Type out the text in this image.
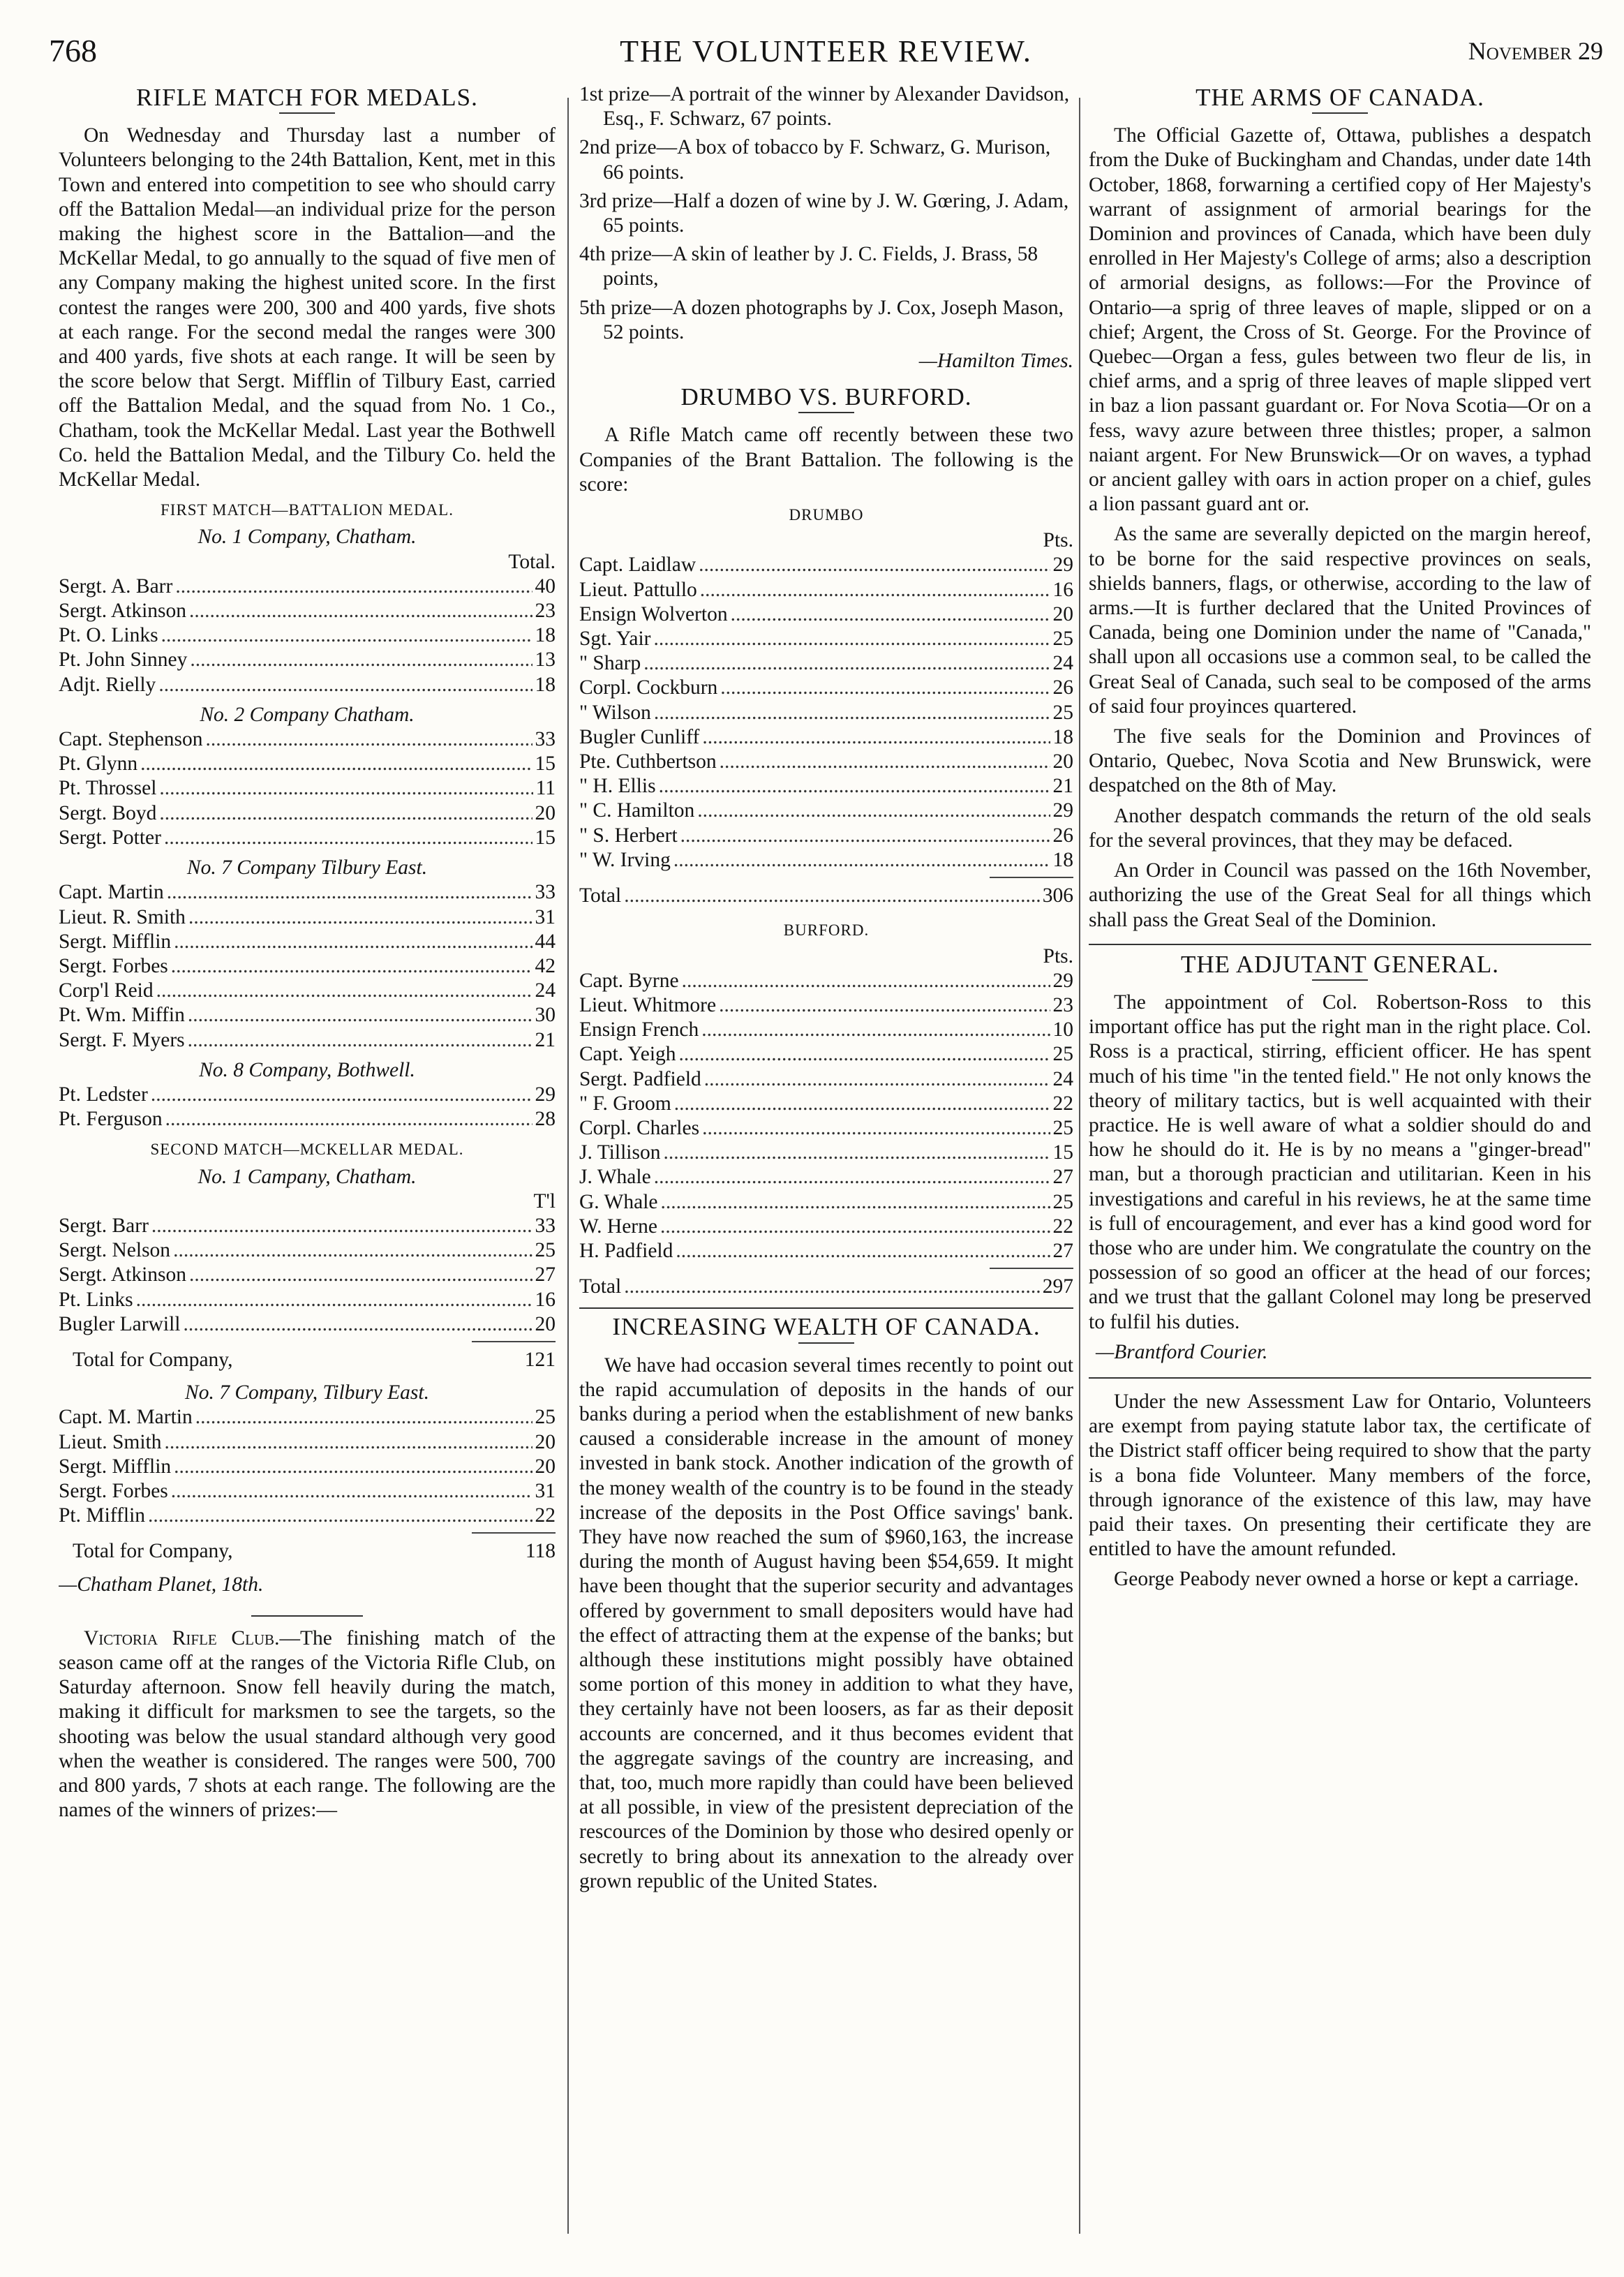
768	THE VOLUNTEER REVIEW.	November 29
RIFLE MATCH FOR MEDALS.

On Wednesday and Thursday last a number of Volunteers belonging to the 24th Battalion, Kent, met in this Town and entered into competition to see who should carry off the Battalion Medal—an individual prize for the person making the highest score in the Battalion—and the McKellar Medal, to go annually to the squad of five men of any Company making the highest united score. In the first contest the ranges were 200, 300 and 400 yards, five shots at each range. For the second medal the ranges were 300 and 400 yards, five shots at each range. It will be seen by the score below that Sergt. Mifflin of Tilbury East, carried off the Battalion Medal, and the squad from No. 1 Co., Chatham, took the McKellar Medal. Last year the Bothwell Co. held the Battalion Medal, and the Tilbury Co. held the McKellar Medal.

FIRST MATCH—BATTALION MEDAL.
No. 1 Company, Chatham.
Total.
Sergt. A. Barr .....	40
Sergt. Atkinson .....	23
Pt. O. Links .....	18
Pt. John Sinney .....	13
Adjt. Rielly .....	18
No. 2 Company Chatham.
Capt. Stephenson .....	33
Pt. Glynn .....	15
Pt. Throssel .....	11
Sergt. Boyd .....	20
Sergt. Potter .....	15
No. 7 Company Tilbury East.
Capt. Martin .....	33
Lieut. R. Smith .....	31
Sergt. Mifflin .....	44
Sergt. Forbes .....	42
Corp'l Reid .....	24
Pt. Wm. Miffin .....	30
Sergt. F. Myers .....	21
No. 8 Company, Bothwell.
Pt. Ledster .....	29
Pt. Ferguson .....	28
SECOND MATCH—MCKELLAR MEDAL.
No. 1 Campany, Chatham.
T'l
Sergt. Barr .....	33
Sergt. Nelson .....	25
Sergt. Atkinson .....	27
Pt. Links .....	16
Bugler Larwill .....	20
Total for Company,	121
No. 7 Company, Tilbury East.
Capt. M. Martin .....	25
Lieut. Smith .....	20
Sergt. Mifflin .....	20
Sergt. Forbes .....	31
Pt. Mifflin .....	22
Total for Company,	118
—Chatham Planet, 18th.

Victoria Rifle Club.—The finishing match of the season came off at the ranges of the Victoria Rifle Club, on Saturday afternoon. Snow fell heavily during the match, making it difficult for marksmen to see the targets, so the shooting was below the usual standard although very good when the weather is considered. The ranges were 500, 700 and 800 yards, 7 shots at each range. The following are the names of the winners of prizes:—

1st prize—A portrait of the winner by Alexander Davidson, Esq., F. Schwarz, 67 points.
2nd prize—A box of tobacco by F. Schwarz, G. Murison, 66 points.
3rd prize—Half a dozen of wine by J. W. Gœring, J. Adam, 65 points.
4th prize—A skin of leather by J. C. Fields, J. Brass, 58 points,
5th prize—A dozen photographs by J. Cox, Joseph Mason, 52 points.
—Hamilton Times.
DRUMBO VS. BURFORD.

A Rifle Match came off recently between these two Companies of the Brant Battalion. The following is the score:

DRUMBO
Pts.
Capt. Laidlaw .....	29
Lieut. Pattullo .....	16
Ensign Wolverton .....	20
Sgt. Yair .....	25
" Sharp .....	24
Corpl. Cockburn .....	26
" Wilson .....	25
Bugler Cunliff .....	18
Pte. Cuthbertson .....	20
" H. Ellis .....	21
" C. Hamilton .....	29
" S. Herbert .....	26
" W. Irving .....	18
Total .....	306
BURFORD.
Pts.
Capt. Byrne .....	29
Lieut. Whitmore .....	23
Ensign French .....	10
Capt. Yeigh .....	25
Sergt. Padfield .....	24
" F. Groom .....	22
Corpl. Charles .....	25
J. Tillison .....	15
J. Whale .....	27
G. Whale .....	25
W. Herne .....	22
H. Padfield .....	27
Total .....	297
INCREASING WEALTH OF CANADA.

We have had occasion several times recently to point out the rapid accumulation of deposits in the hands of our banks during a period when the establishment of new banks caused a considerable increase in the amount of money invested in bank stock. Another indication of the growth of the money wealth of the country is to be found in the steady increase of the deposits in the Post Office savings' bank. They have now reached the sum of $960,163, the increase during the month of August having been $54,659. It might have been thought that the superior security and advantages offered by government to small depositers would have had the effect of attracting them at the expense of the banks; but although these institutions might possibly have obtained some portion of this money in addition to what they have, they certainly have not been loosers, as far as their deposit accounts are concerned, and it thus becomes evident that the aggregate savings of the country are increasing, and that, too, much more rapidly than could have been believed at all possible, in view of the presistent depreciation of the rescources of the Dominion by those who desired openly or secretly to bring about its annexation to the already over grown republic of the United States.

THE ARMS OF CANADA.

The Official Gazette of, Ottawa, publishes a despatch from the Duke of Buckingham and Chandas, under date 14th October, 1868, forwarning a certified copy of Her Majesty's warrant of assignment of armorial bearings for the Dominion and provinces of Canada, which have been duly enrolled in Her Majesty's College of arms; also a description of armorial designs, as follows:—For the Province of Ontario—a sprig of three leaves of maple, slipped or on a chief; Argent, the Cross of St. George. For the Province of Quebec—Organ a fess, gules between two fleur de lis, in chief arms, and a sprig of three leaves of maple slipped vert in baz a lion passant guardant or. For Nova Scotia—Or on a fess, wavy azure between three thistles; proper, a salmon naiant argent. For New Brunswick—Or on waves, a typhad or ancient galley with oars in action proper on a chief, gules a lion passant guard ant or.

As the same are severally depicted on the margin hereof, to be borne for the said respective provinces on seals, shields banners, flags, or otherwise, according to the law of arms.—It is further declared that the United Provinces of Canada, being one Dominion under the name of "Canada," shall upon all occasions use a common seal, to be called the Great Seal of Canada, such seal to be composed of the arms of said four proyinces quartered.

The five seals for the Dominion and Provinces of Ontario, Quebec, Nova Scotia and New Brunswick, were despatched on the 8th of May.

Another despatch commands the return of the old seals for the several provinces, that they may be defaced.

An Order in Council was passed on the 16th November, authorizing the use of the Great Seal for all things which shall pass the Great Seal of the Dominion.

THE ADJUTANT GENERAL.

The appointment of Col. Robertson-Ross to this important office has put the right man in the right place. Col. Ross is a practical, stirring, efficient officer. He has spent much of his time "in the tented field." He not only knows the theory of military tactics, but is well acquainted with their practice. He is well aware of what a soldier should do and how he should do it. He is by no means a "ginger-bread" man, but a thorough practician and utilitarian. Keen in his investigations and careful in his reviews, he at the same time is full of encouragement, and ever has a kind good word for those who are under him. We congratulate the country on the possession of so good an officer at the head of our forces; and we trust that the gallant Colonel may long be preserved to fulfil his duties.

—Brantford Courier.

Under the new Assessment Law for Ontario, Volunteers are exempt from paying statute labor tax, the certificate of the District staff officer being required to show that the party is a bona fide Volunteer. Many members of the force, through ignorance of the existence of this law, may have paid their taxes. On presenting their certificate they are entitled to have the amount refunded.

George Peabody never owned a horse or kept a carriage.
